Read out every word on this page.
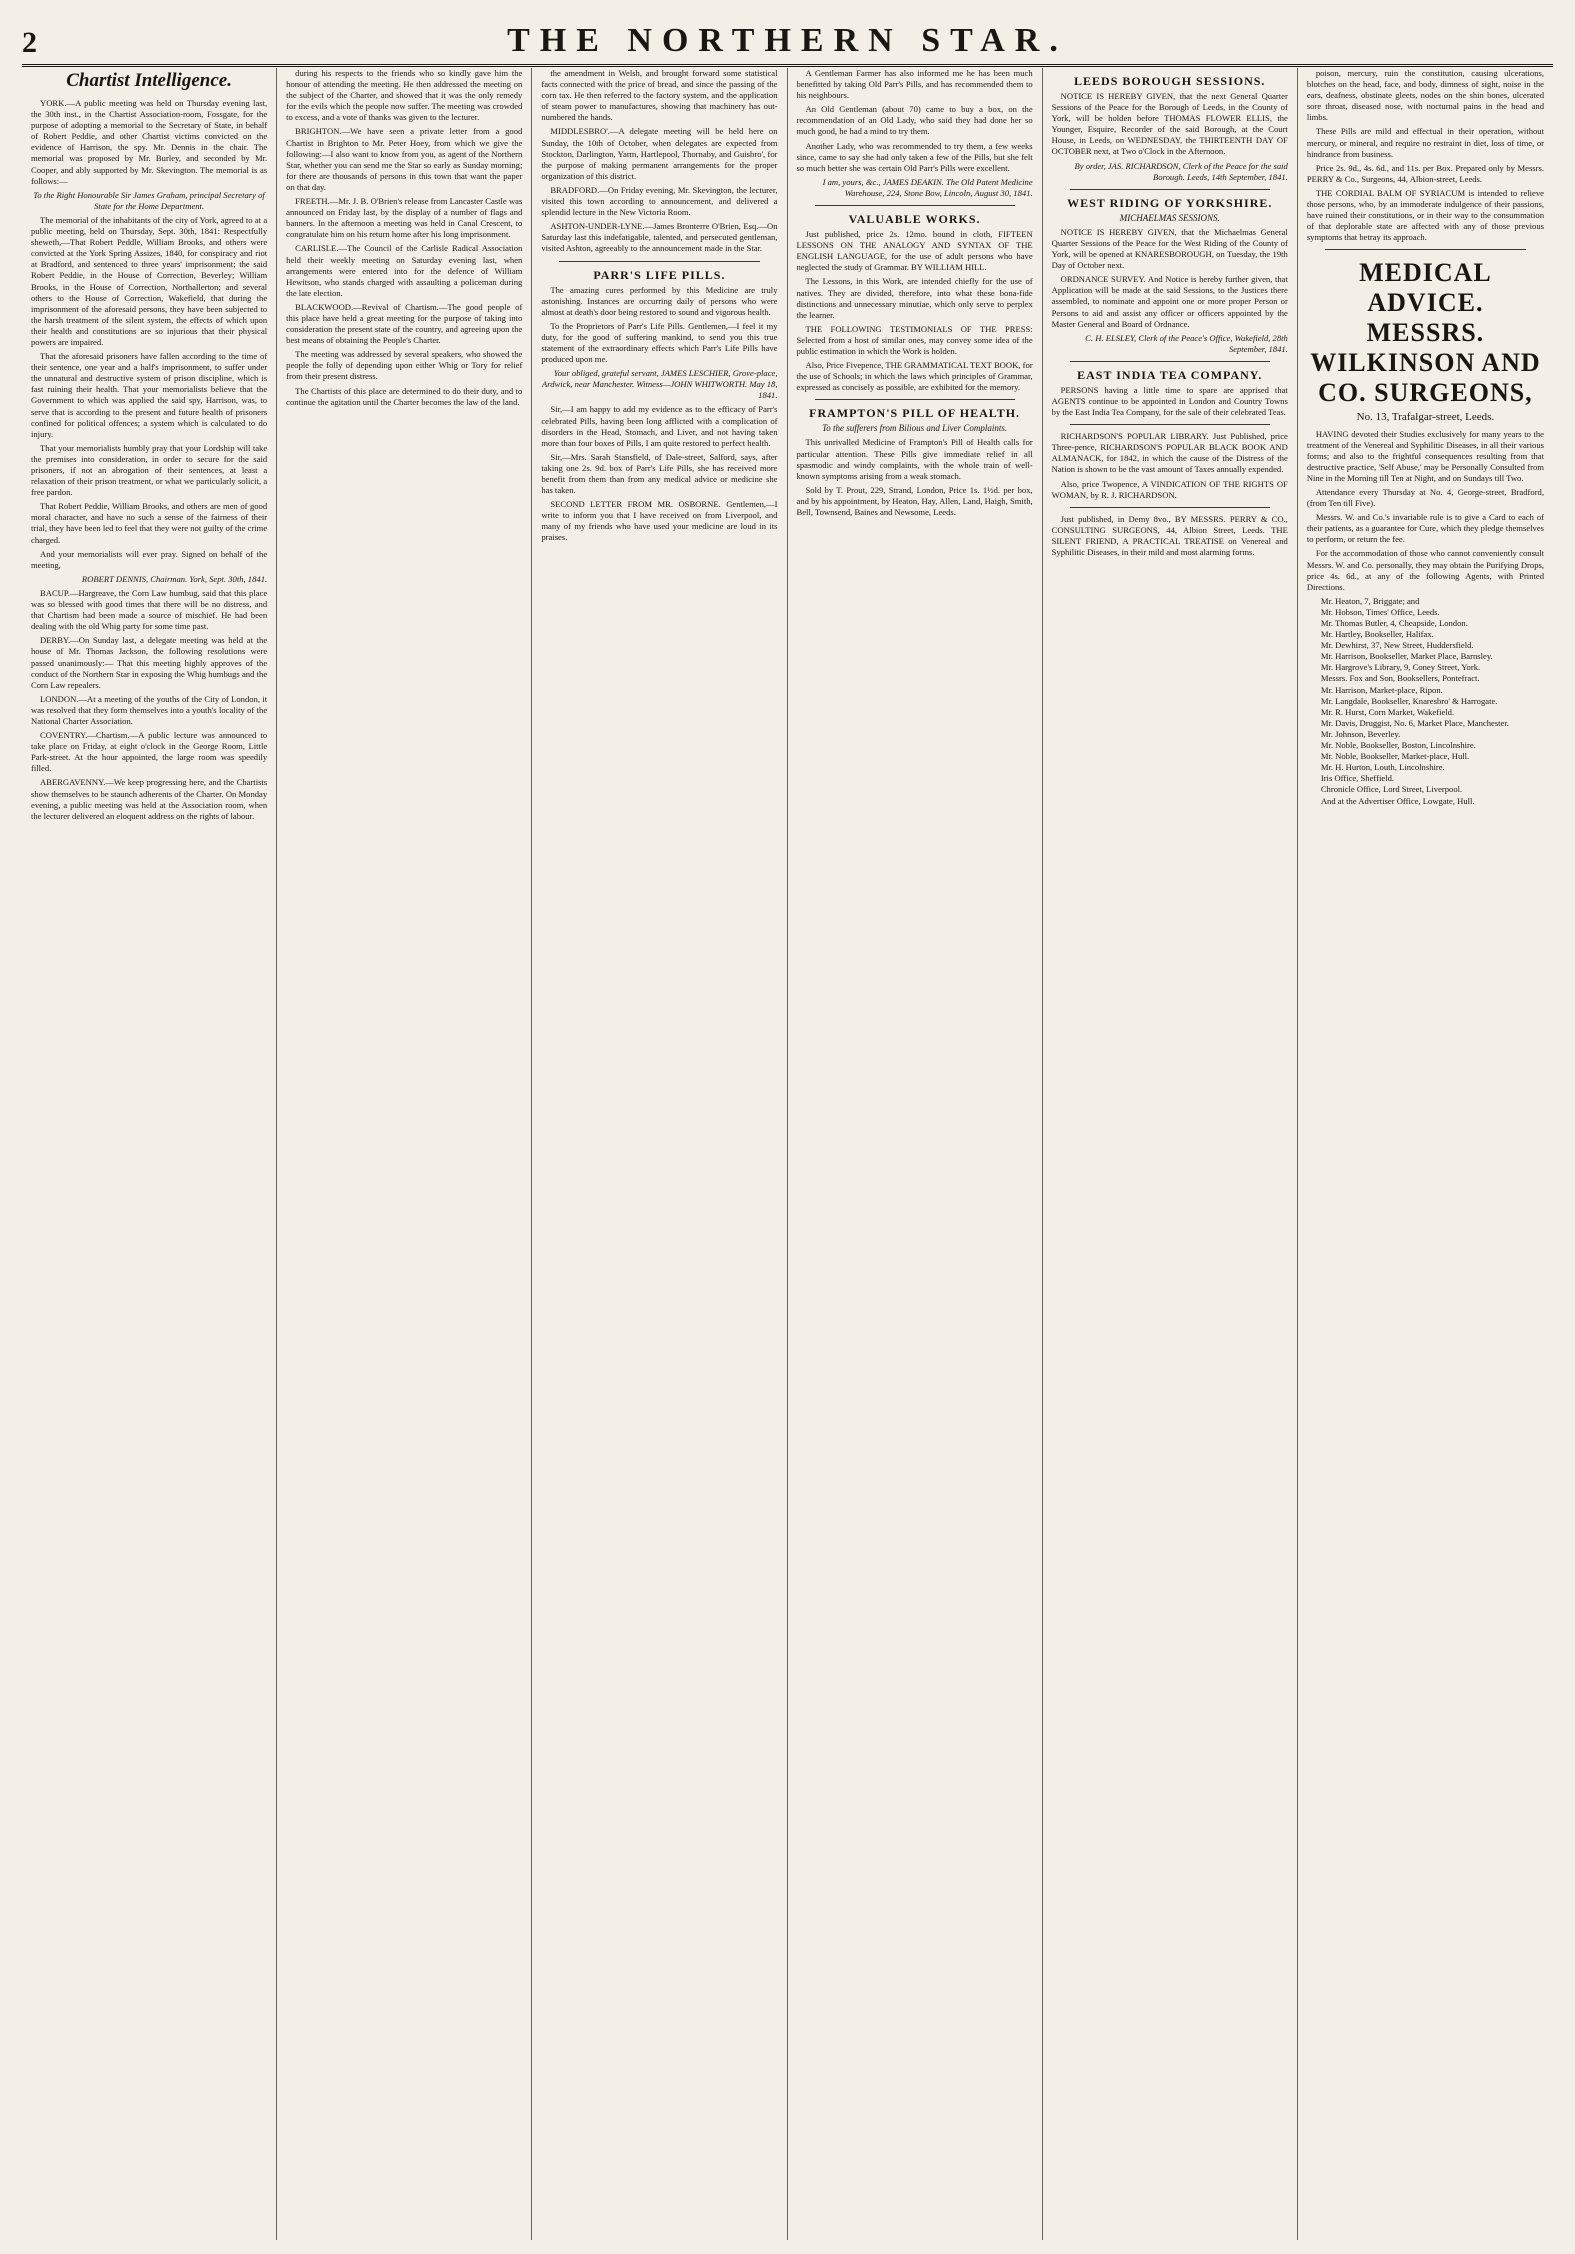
2	THE NORTHERN STAR.
Chartist Intelligence.

YORK.—A public meeting was held on Thursday evening last, the 30th inst., in the Chartist Association-room, Fossgate, for the purpose of adopting a memorial to the Secretary of State, in behalf of Robert Peddie, and other Chartist victims convicted on the evidence of Harrison, the spy. Mr. Dennis in the chair. The memorial was proposed by Mr. Burley, and seconded by Mr. Cooper, and ably supported by Mr. Skevington. The memorial is as follows:—

To the Right Honourable Sir James Graham, principal Secretary of State for the Home Department.

The memorial of the inhabitants of the city of York, agreed to at a public meeting, held on Thursday, Sept. 30th, 1841: Respectfully sheweth,—That Robert Peddle, William Brooks, and others were convicted at the York Spring Assizes, 1840, for conspiracy and riot at Bradford, and sentenced to three years' imprisonment; the said Robert Peddie, in the House of Correction, Beverley; William Brooks, in the House of Correction, Northallerton; and several others to the House of Correction, Wakefield, that during the imprisonment of the aforesaid persons, they have been subjected to the harsh treatment of the silent system, the effects of which upon their health and constitutions are so injurious that their physical powers are impaired.

That the aforesaid prisoners have fallen according to the time of their sentence, one year and a half's imprisonment, to suffer under the unnatural and destructive system of prison discipline, which is fast ruining their health. That your memorialists believe that the Government to which was applied the said spy, Harrison, was, to serve that is according to the present and future health of prisoners confined for political offences; a system which is calculated to do injury.

That your memorialists humbly pray that your Lordship will take the premises into consideration, in order to secure for the said prisoners, if not an abrogation of their sentences, at least a relaxation of their prison treatment, or what we particularly solicit, a free pardon.

That Robert Peddie, William Brooks, and others are men of good moral character, and have no such a sense of the fairness of their trial, they have been led to feel that they were not guilty of the crime charged.

And your memorialists will ever pray. Signed on behalf of the meeting,

ROBERT DENNIS, Chairman. York, Sept. 30th, 1841.

BACUP.—Hargreave, the Corn Law humbug, said that this place was so blessed with good times that there will be no distress, and that Chartism had been made a source of mischief. He had been dealing with the old Whig party for some time past.

DERBY.—On Sunday last, a delegate meeting was held at the house of Mr. Thomas Jackson, the following resolutions were passed unanimously:— That this meeting highly approves of the conduct of the Northern Star in exposing the Whig humbugs and the Corn Law repealers.

LONDON.—At a meeting of the youths of the City of London, it was resolved that they form themselves into a youth's locality of the National Charter Association.

COVENTRY.—Chartism.—A public lecture was announced to take place on Friday, at eight o'clock in the George Room, Little Park-street. At the hour appointed, the large room was speedily filled.

ABERGAVENNY.—We keep progressing here, and the Chartists show themselves to be staunch adherents of the Charter. On Monday evening, a public meeting was held at the Association room, when the lecturer delivered an eloquent address on the rights of labour.

during his respects to the friends who so kindly gave him the honour of attending the meeting. He then addressed the meeting on the subject of the Charter, and showed that it was the only remedy for the evils which the people now suffer. The meeting was crowded to excess, and a vote of thanks was given to the lecturer.

BRIGHTON.—We have seen a private letter from a good Chartist in Brighton to Mr. Peter Hoey, from which we give the following:—I also want to know from you, as agent of the Northern Star, whether you can send me the Star so early as Sunday morning; for there are thousands of persons in this town that want the paper on that day.

FREETH.—Mr. J. B. O'Brien's release from Lancaster Castle was announced on Friday last, by the display of a number of flags and banners. In the afternoon a meeting was held in Canal Crescent, to congratulate him on his return home after his long imprisonment.

CARLISLE.—The Council of the Carlisle Radical Association held their weekly meeting on Saturday evening last, when arrangements were entered into for the defence of William Hewitson, who stands charged with assaulting a policeman during the late election.

BLACKWOOD.—Revival of Chartism.—The good people of this place have held a great meeting for the purpose of taking into consideration the present state of the country, and agreeing upon the best means of obtaining the People's Charter.

The meeting was addressed by several speakers, who showed the people the folly of depending upon either Whig or Tory for relief from their present distress.

The Chartists of this place are determined to do their duty, and to continue the agitation until the Charter becomes the law of the land.

the amendment in Welsh, and brought forward some statistical facts connected with the price of bread, and since the passing of the corn tax. He then referred to the factory system, and the application of steam power to manufactures, showing that machinery has out-numbered the hands.

MIDDLESBRO'.—A delegate meeting will be held here on Sunday, the 10th of October, when delegates are expected from Stockton, Darlington, Yarm, Hartlepool, Thornaby, and Guisbro', for the purpose of making permanent arrangements for the proper organization of this district.

BRADFORD.—On Friday evening, Mr. Skevington, the lecturer, visited this town according to announcement, and delivered a splendid lecture in the New Victoria Room.

ASHTON-UNDER-LYNE.—James Bronterre O'Brien, Esq.—On Saturday last this indefatigable, talented, and persecuted gentleman, visited Ashton, agreeably to the announcement made in the Star.

PARR'S LIFE PILLS.

The amazing cures performed by this Medicine are truly astonishing. Instances are occurring daily of persons who were almost at death's door being restored to sound and vigorous health.

To the Proprietors of Parr's Life Pills. Gentlemen,—I feel it my duty, for the good of suffering mankind, to send you this true statement of the extraordinary effects which Parr's Life Pills have produced upon me.

Your obliged, grateful servant, JAMES LESCHIER, Grove-place, Ardwick, near Manchester. Witness—JOHN WHITWORTH. May 18, 1841.

Sir,—I am happy to add my evidence as to the efficacy of Parr's celebrated Pills, having been long afflicted with a complication of disorders in the Head, Stomach, and Liver, and not having taken more than four boxes of Pills, I am quite restored to perfect health.

Sir,—Mrs. Sarah Stansfield, of Dale-street, Salford, says, after taking one 2s. 9d. box of Parr's Life Pills, she has received more benefit from them than from any medical advice or medicine she has taken.

SECOND LETTER FROM MR. OSBORNE. Gentlemen,—I write to inform you that I have received on from Liverpool, and many of my friends who have used your medicine are loud in its praises.

A Gentleman Farmer has also informed me he has been much benefitted by taking Old Parr's Pills, and has recommended them to his neighbours.

An Old Gentleman (about 70) came to buy a box, on the recommendation of an Old Lady, who said they had done her so much good, he had a mind to try them.

Another Lady, who was recommended to try them, a few weeks since, came to say she had only taken a few of the Pills, but she felt so much better she was certain Old Parr's Pills were excellent.

I am, yours, &c., JAMES DEAKIN. The Old Patent Medicine Warehouse, 224, Stone Bow, Lincoln, August 30, 1841.

VALUABLE WORKS.

Just published, price 2s. 12mo. bound in cloth, FIFTEEN LESSONS ON THE ANALOGY AND SYNTAX OF THE ENGLISH LANGUAGE, for the use of adult persons who have neglected the study of Grammar. BY WILLIAM HILL.

The Lessons, in this Work, are intended chiefly for the use of natives. They are divided, therefore, into what these bona-fide distinctions and unnecessary minutiae, which only serve to perplex the learner.

THE FOLLOWING TESTIMONIALS OF THE PRESS: Selected from a host of similar ones, may convey some idea of the public estimation in which the Work is holden.

Also, Price Fivepence, THE GRAMMATICAL TEXT BOOK, for the use of Schools; in which the laws which principles of Grammar, expressed as concisely as possible, are exhibited for the memory.

FRAMPTON'S PILL OF HEALTH.
To the sufferers from Bilious and Liver Complaints.

This unrivalled Medicine of Frampton's Pill of Health calls for particular attention. These Pills give immediate relief in all spasmodic and windy complaints, with the whole train of well-known symptoms arising from a weak stomach.

Sold by T. Prout, 229, Strand, London, Price 1s. 1½d. per box, and by his appointment, by Heaton, Hay, Allen, Land, Haigh, Smith, Bell, Townsend, Baines and Newsome, Leeds.

LEEDS BOROUGH SESSIONS.

NOTICE IS HEREBY GIVEN, that the next General Quarter Sessions of the Peace for the Borough of Leeds, in the County of York, will be holden before THOMAS FLOWER ELLIS, the Younger, Esquire, Recorder of the said Borough, at the Court House, in Leeds, on WEDNESDAY, the THIRTEENTH DAY OF OCTOBER next, at Two o'Clock in the Afternoon.

By order, JAS. RICHARDSON, Clerk of the Peace for the said Borough. Leeds, 14th September, 1841.

WEST RIDING OF YORKSHIRE.
MICHAELMAS SESSIONS.

NOTICE IS HEREBY GIVEN, that the Michaelmas General Quarter Sessions of the Peace for the West Riding of the County of York, will be opened at KNARESBOROUGH, on Tuesday, the 19th Day of October next.

ORDNANCE SURVEY. And Notice is hereby further given, that Application will be made at the said Sessions, to the Justices there assembled, to nominate and appoint one or more proper Person or Persons to aid and assist any officer or officers appointed by the Master General and Board of Ordnance.

C. H. ELSLEY, Clerk of the Peace's Office, Wakefield, 28th September, 1841.

EAST INDIA TEA COMPANY.

PERSONS having a little time to spare are apprised that AGENTS continue to be appointed in London and Country Towns by the East India Tea Company, for the sale of their celebrated Teas.

RICHARDSON'S POPULAR LIBRARY. Just Published, price Three-pence, RICHARDSON'S POPULAR BLACK BOOK AND ALMANACK, for 1842, in which the cause of the Distress of the Nation is shown to be the vast amount of Taxes annually expended.

Also, price Twopence, A VINDICATION OF THE RIGHTS OF WOMAN, by R. J. RICHARDSON.

Just published, in Demy 8vo., BY MESSRS. PERRY & CO., CONSULTING SURGEONS, 44, Albion Street, Leeds. THE SILENT FRIEND, A PRACTICAL TREATISE on Venereal and Syphilitic Diseases, in their mild and most alarming forms.

poison, mercury, ruin the constitution, causing ulcerations, blotches on the head, face, and body, dimness of sight, noise in the ears, deafness, obstinate gleets, nodes on the shin bones, ulcerated sore throat, diseased nose, with nocturnal pains in the head and limbs.

These Pills are mild and effectual in their operation, without mercury, or mineral, and require no restraint in diet, loss of time, or hindrance from business.

Price 2s. 9d., 4s. 6d., and 11s. per Box. Prepared only by Messrs. PERRY & Co., Surgeons, 44, Albion-street, Leeds.

THE CORDIAL BALM OF SYRIACUM is intended to relieve those persons, who, by an immoderate indulgence of their passions, have ruined their constitutions, or in their way to the consummation of that deplorable state are affected with any of those previous symptoms that betray its approach.

MEDICAL ADVICE. MESSRS. WILKINSON AND CO. SURGEONS,
No. 13, Trafalgar-street, Leeds.

HAVING devoted their Studies exclusively for many years to the treatment of the Venereal and Syphilitic Diseases, in all their various forms; and also to the frightful consequences resulting from that destructive practice, 'Self Abuse,' may be Personally Consulted from Nine in the Morning till Ten at Night, and on Sundays till Two.

Attendance every Thursday at No. 4, George-street, Bradford, (from Ten till Five).

Messrs. W. and Co.'s invariable rule is to give a Card to each of their patients, as a guarantee for Cure, which they pledge themselves to perform, or return the fee.

For the accommodation of those who cannot conveniently consult Messrs. W. and Co. personally, they may obtain the Purifying Drops, price 4s. 6d., at any of the following Agents, with Printed Directions.

Mr. Heaton, 7, Briggate; and

Mr. Hobson, Times' Office, Leeds.

Mr. Thomas Butler, 4, Cheapside, London.

Mr. Hartley, Bookseller, Halifax.

Mr. Dewhirst, 37, New Street, Huddersfield.

Mr. Harrison, Bookseller, Market Place, Barnsley.

Mr. Hargrove's Library, 9, Coney Street, York.

Messrs. Fox and Son, Booksellers, Pontefract.

Mr. Harrison, Market-place, Ripon.

Mr. Langdale, Bookseller, Knaresbro' & Harrogate.

Mr. R. Hurst, Corn Market, Wakefield.

Mr. Davis, Druggist, No. 6, Market Place, Manchester.

Mr. Johnson, Beverley.

Mr. Noble, Bookseller, Boston, Lincolnshire.

Mr. Noble, Bookseller, Market-place, Hull.

Mr. H. Hurton, Louth, Lincolnshire.

Iris Office, Sheffield.

Chronicle Office, Lord Street, Liverpool.

And at the Advertiser Office, Lowgate, Hull.
